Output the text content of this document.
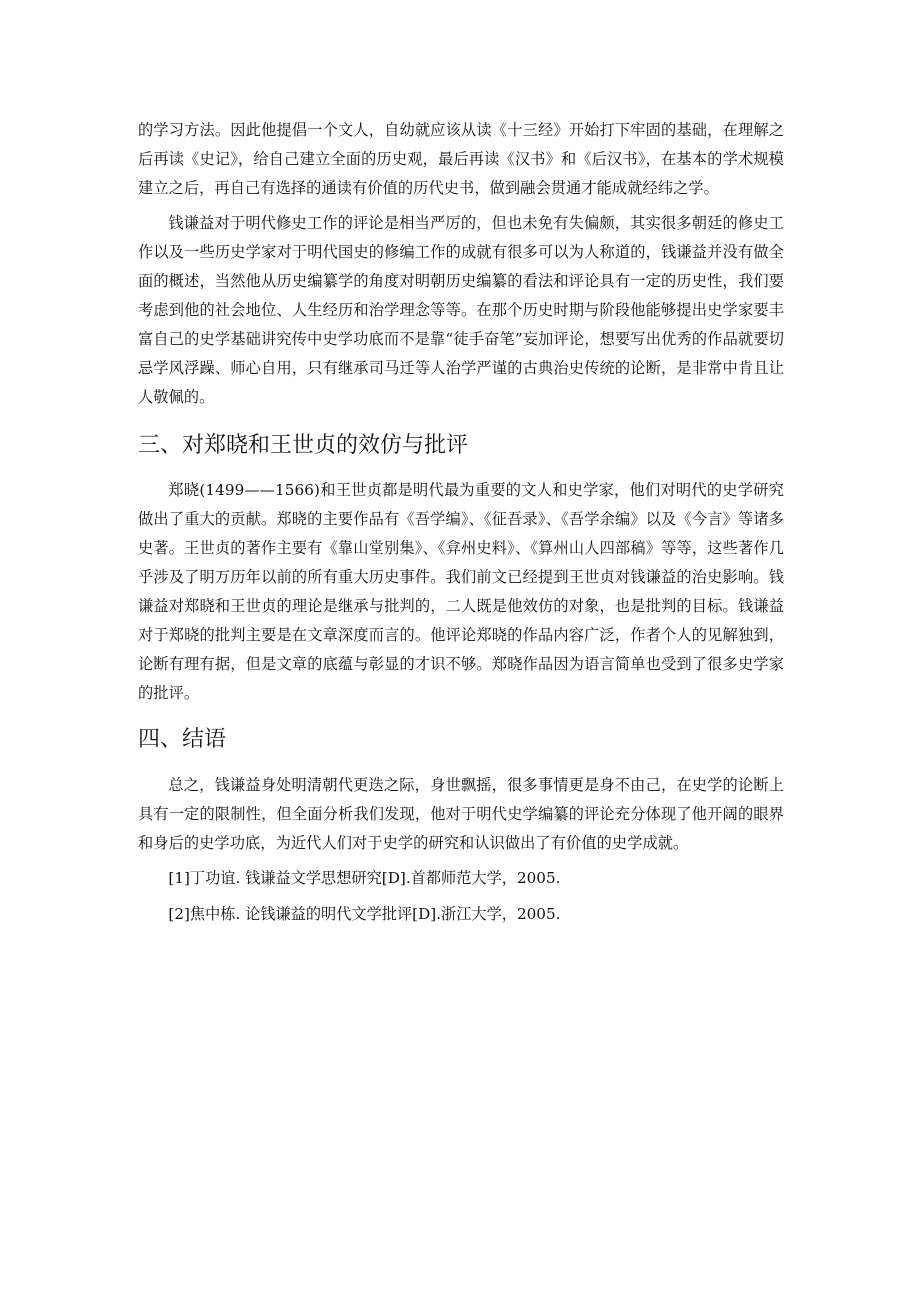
的学习方法。因此他提倡一个文人，自幼就应该从读《十三经》开始打下牢固的基础，在理解之后再读《史记》，给自己建立全面的历史观，最后再读《汉书》和《后汉书》，在基本的学术规模建立之后，再自己有选择的通读有价值的历代史书，做到融会贯通才能成就经纬之学。

钱谦益对于明代修史工作的评论是相当严厉的，但也未免有失偏颇，其实很多朝廷的修史工作以及一些历史学家对于明代国史的修编工作的成就有很多可以为人称道的，钱谦益并没有做全面的概述，当然他从历史编纂学的角度对明朝历史编纂的看法和评论具有一定的历史性，我们要考虑到他的社会地位、人生经历和治学理念等等。在那个历史时期与阶段他能够提出史学家要丰富自己的史学基础讲究传中史学功底而不是靠“徒手奋笔”妄加评论，想要写出优秀的作品就要切忌学风浮躁、师心自用，只有继承司马迁等人治学严谨的古典治史传统的论断，是非常中肯且让人敬佩的。

三、对郑晓和王世贞的效仿与批评

郑晓(1499——1566)和王世贞都是明代最为重要的文人和史学家，他们对明代的史学研究做出了重大的贡献。郑晓的主要作品有《吾学编》、《征吾录》、《吾学余编》以及《今言》等诸多史著。王世贞的著作主要有《靠山堂别集》、《弇州史料》、《算州山人四部稿》等等，这些著作几乎涉及了明万历年以前的所有重大历史事件。我们前文已经提到王世贞对钱谦益的治史影响。钱谦益对郑晓和王世贞的理论是继承与批判的，二人既是他效仿的对象，也是批判的目标。钱谦益对于郑晓的批判主要是在文章深度而言的。他评论郑晓的作品内容广泛，作者个人的见解独到，论断有理有据，但是文章的底蕴与彰显的才识不够。郑晓作品因为语言简单也受到了很多史学家的批评。

四、结语

总之，钱谦益身处明清朝代更迭之际，身世飘摇，很多事情更是身不由己，在史学的论断上具有一定的限制性，但全面分析我们发现，他对于明代史学编纂的评论充分体现了他开阔的眼界和身后的史学功底，为近代人们对于史学的研究和认识做出了有价值的史学成就。

[1]丁功谊. 钱谦益文学思想研究[D].首都师范大学，2005.
[2]焦中栋. 论钱谦益的明代文学批评[D].浙江大学，2005.
